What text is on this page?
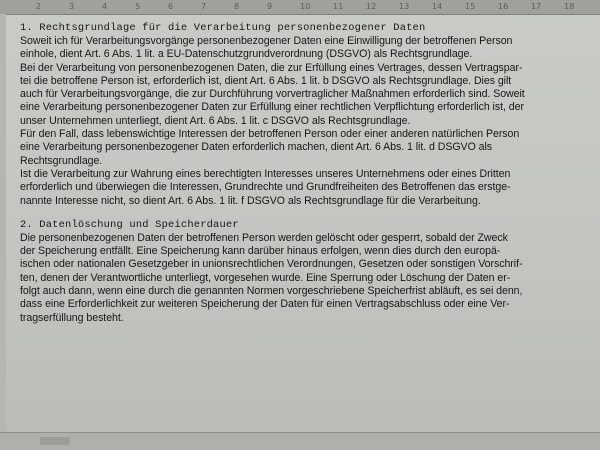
2	3	4	5	6	7	8	9	10	11	12	13	14	15	16	17	18
1. Rechtsgrundlage für die Verarbeitung personenbezogener Daten
Soweit ich für Verarbeitungsvorgänge personenbezogener Daten eine Einwilligung der betroffenen Person
einhole, dient Art. 6 Abs. 1 lit. a EU-Datenschutzgrundverordnung (DSGVO) als Rechtsgrundlage.
Bei der Verarbeitung von personenbezogenen Daten, die zur Erfüllung eines Vertrages, dessen Vertragspar-
tei die betroffene Person ist, erforderlich ist, dient Art. 6 Abs. 1 lit. b DSGVO als Rechtsgrundlage. Dies gilt
auch für Verarbeitungsvorgänge, die zur Durchführung vorvertraglicher Maßnahmen erforderlich sind. Soweit
eine Verarbeitung personenbezogener Daten zur Erfüllung einer rechtlichen Verpflichtung erforderlich ist, der
unser Unternehmen unterliegt, dient Art. 6 Abs. 1 lit. c DSGVO als Rechtsgrundlage.
Für den Fall, dass lebenswichtige Interessen der betroffenen Person oder einer anderen natürlichen Person
eine Verarbeitung personenbezogener Daten erforderlich machen, dient Art. 6 Abs. 1 lit. d DSGVO als
Rechtsgrundlage.
Ist die Verarbeitung zur Wahrung eines berechtigten Interesses unseres Unternehmens oder eines Dritten
erforderlich und überwiegen die Interessen, Grundrechte und Grundfreiheiten des Betroffenen das erstge-
nannte Interesse nicht, so dient Art. 6 Abs. 1 lit. f DSGVO als Rechtsgrundlage für die Verarbeitung.
2. Datenlöschung und Speicherdauer
Die personenbezogenen Daten der betroffenen Person werden gelöscht oder gesperrt, sobald der Zweck
der Speicherung entfällt. Eine Speicherung kann darüber hinaus erfolgen, wenn dies durch den europä-
ischen oder nationalen Gesetzgeber in unionsrechtlichen Verordnungen, Gesetzen oder sonstigen Vorschrif-
ten, denen der Verantwortliche unterliegt, vorgesehen wurde. Eine Sperrung oder Löschung der Daten er-
folgt auch dann, wenn eine durch die genannten Normen vorgeschriebene Speicherfrist abläuft, es sei denn,
dass eine Erforderlichkeit zur weiteren Speicherung der Daten für einen Vertragsabschluss oder eine Ver-
tragserfüllung besteht.
